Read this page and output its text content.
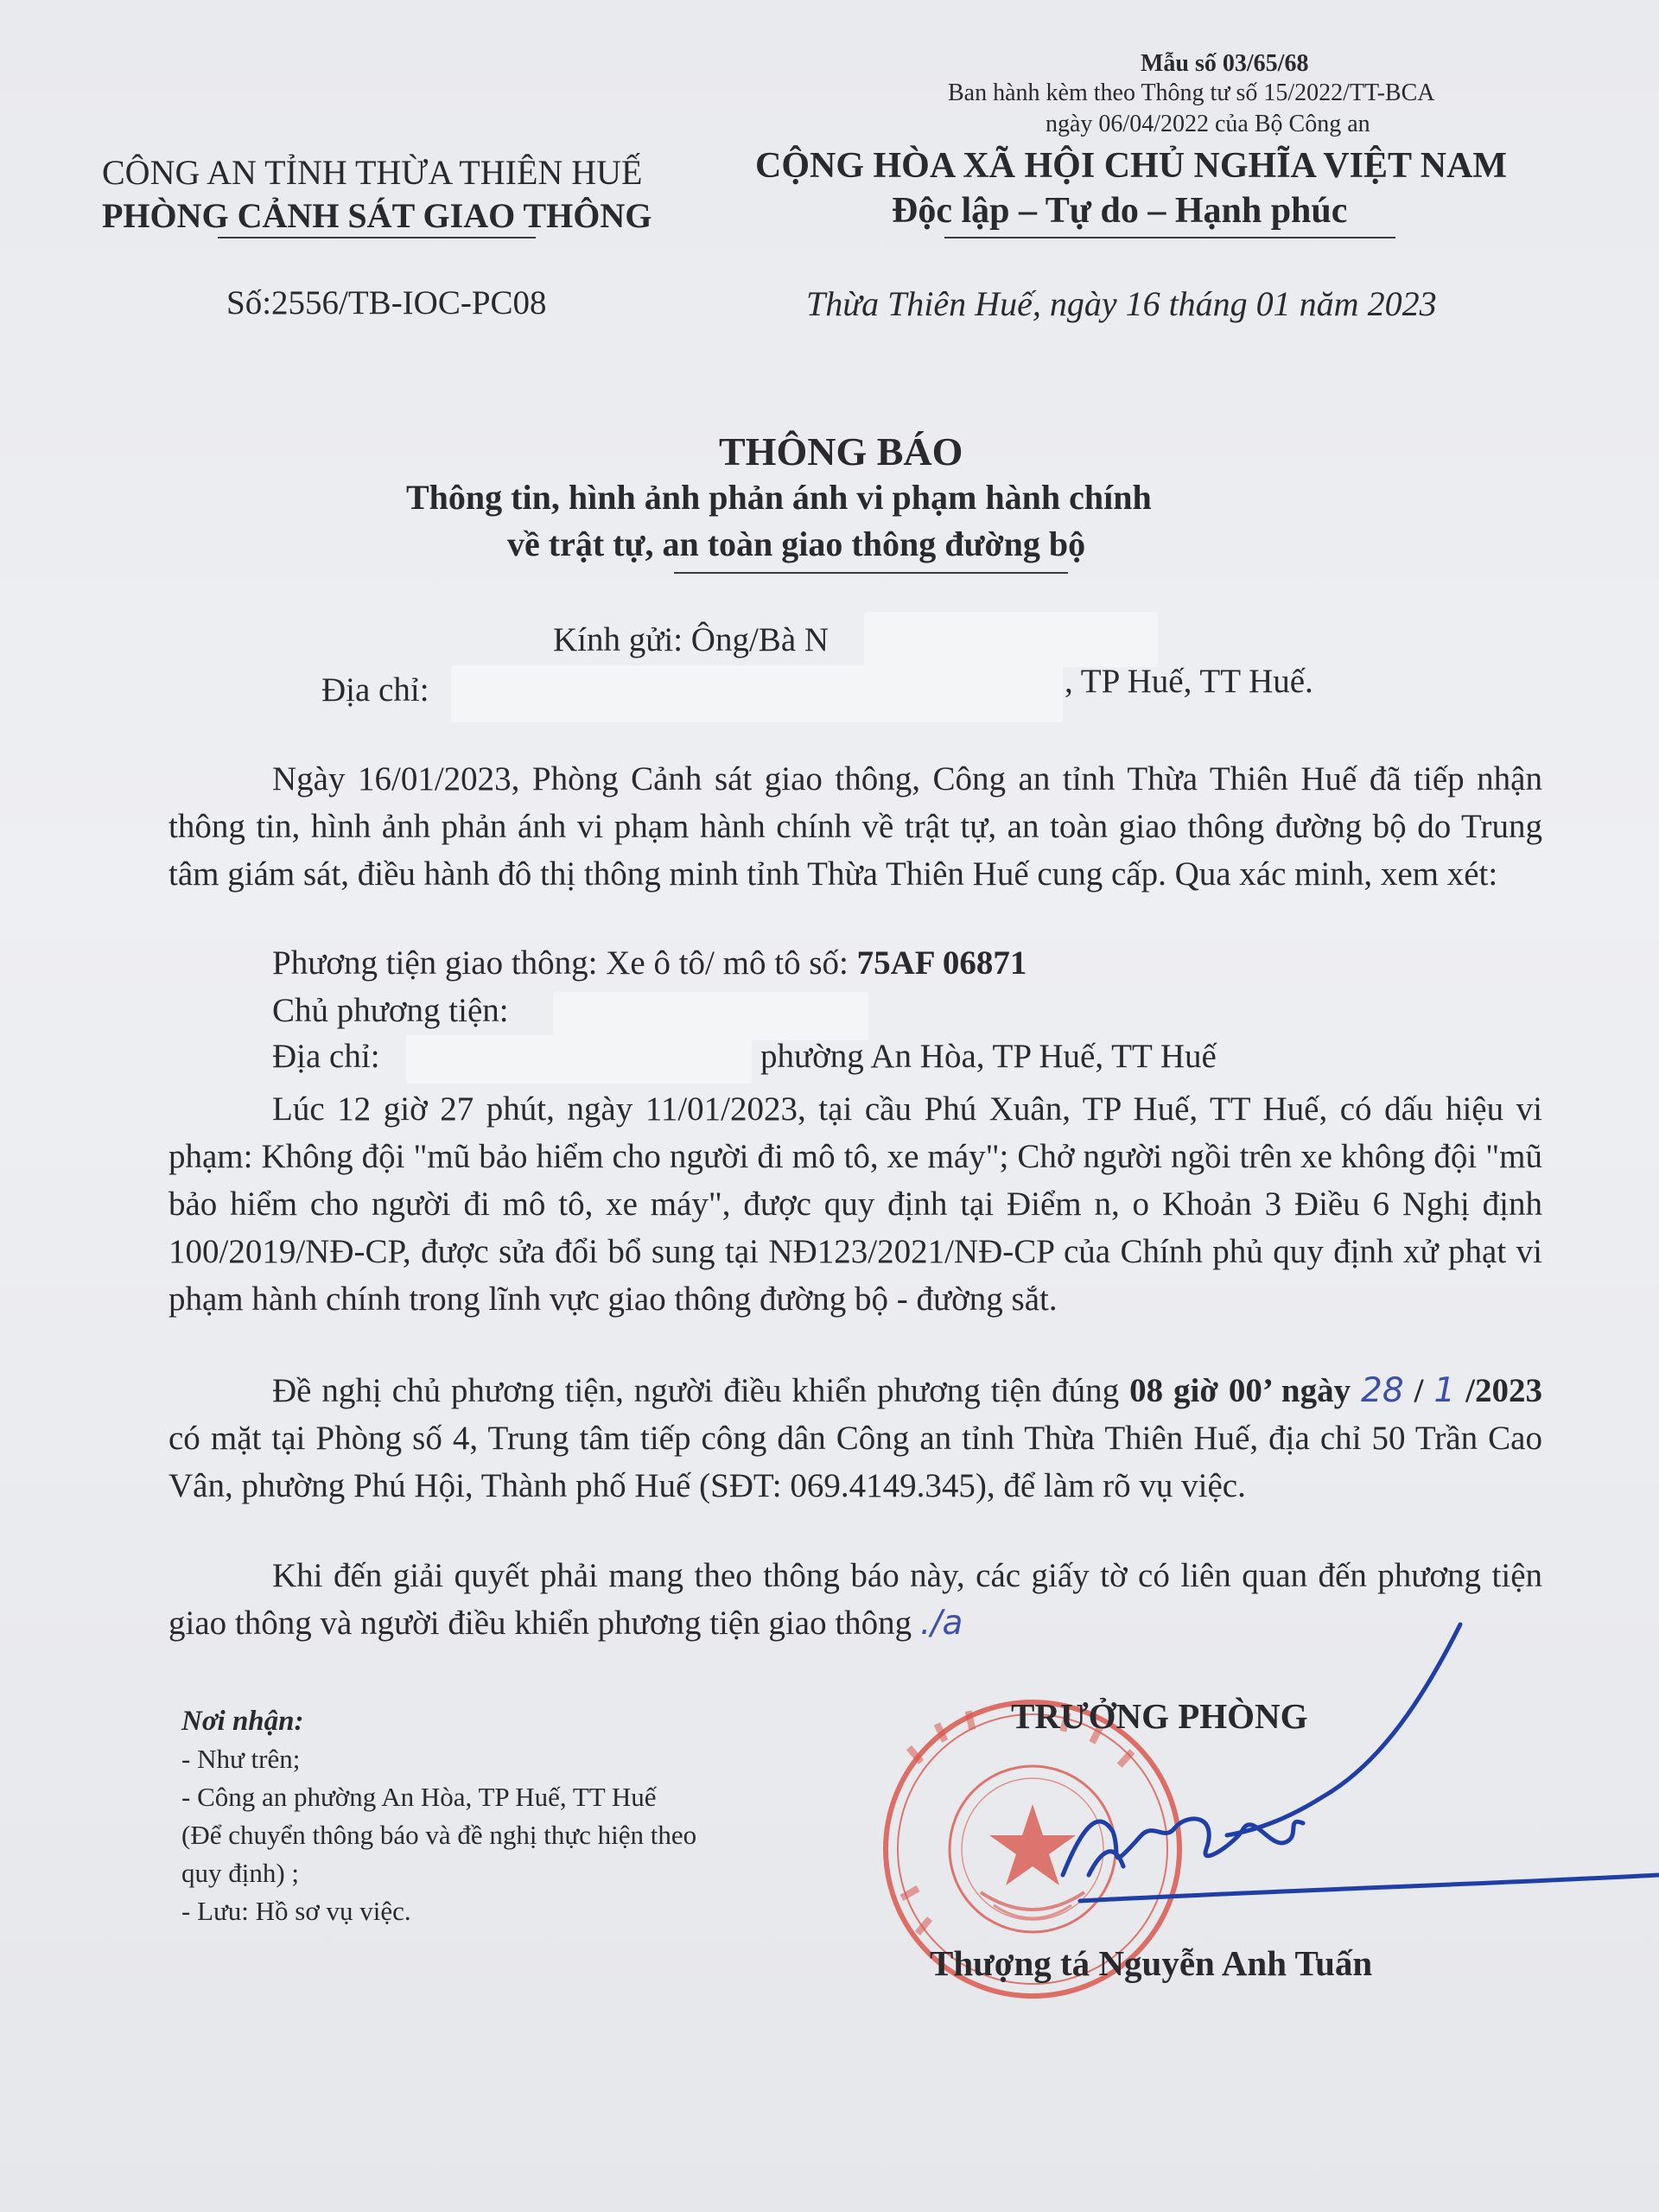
Mẫu số 03/65/68
Ban hành kèm theo Thông tư số 15/2022/TT-BCA
ngày 06/04/2022 của Bộ Công an
CÔNG AN TỈNH THỪA THIÊN HUẾ
PHÒNG CẢNH SÁT GIAO THÔNG
Số:2556/TB-IOC-PC08
CỘNG HÒA XÃ HỘI CHỦ NGHĨA VIỆT NAM
Độc lập – Tự do – Hạnh phúc
Thừa Thiên Huế, ngày 16 tháng 01 năm 2023
THÔNG BÁO
Thông tin, hình ảnh phản ánh vi phạm hành chính
về trật tự, an toàn giao thông đường bộ
Kính gửi: Ông/Bà N
Địa chỉ:	, TP Huế, TT Huế.

Ngày 16/01/2023, Phòng Cảnh sát giao thông, Công an tỉnh Thừa Thiên Huế đã tiếp nhận thông tin, hình ảnh phản ánh vi phạm hành chính về trật tự, an toàn giao thông đường bộ do Trung tâm giám sát, điều hành đô thị thông minh tỉnh Thừa Thiên Huế cung cấp. Qua xác minh, xem xét:

Phương tiện giao thông: Xe ô tô/ mô tô số: 75AF 06871
Chủ phương tiện:
Địa chỉ:	phường An Hòa, TP Huế, TT Huế

Lúc 12 giờ 27 phút, ngày 11/01/2023, tại cầu Phú Xuân, TP Huế, TT Huế, có dấu hiệu vi phạm: Không đội "mũ bảo hiểm cho người đi mô tô, xe máy"; Chở người ngồi trên xe không đội "mũ bảo hiểm cho người đi mô tô, xe máy", được quy định tại Điểm n, o Khoản 3 Điều 6 Nghị định 100/2019/NĐ-CP, được sửa đổi bổ sung tại NĐ123/2021/NĐ-CP của Chính phủ quy định xử phạt vi phạm hành chính trong lĩnh vực giao thông đường bộ - đường sắt.

Đề nghị chủ phương tiện, người điều khiển phương tiện đúng 08 giờ 00’ ngày 28 / 1 /2023 có mặt tại Phòng số 4, Trung tâm tiếp công dân Công an tỉnh Thừa Thiên Huế, địa chỉ 50 Trần Cao Vân, phường Phú Hội, Thành phố Huế (SĐT: 069.4149.345), để làm rõ vụ việc.

Khi đến giải quyết phải mang theo thông báo này, các giấy tờ có liên quan đến phương tiện giao thông và người điều khiển phương tiện giao thông ./a

Nơi nhận:
- Như trên;
- Công an phường An Hòa, TP Huế, TT Huế
(Để chuyển thông báo và đề nghị thực hiện theo
quy định) ;
- Lưu: Hồ sơ vụ việc.
TRƯỞNG PHÒNG
Thượng tá Nguyễn Anh Tuấn
